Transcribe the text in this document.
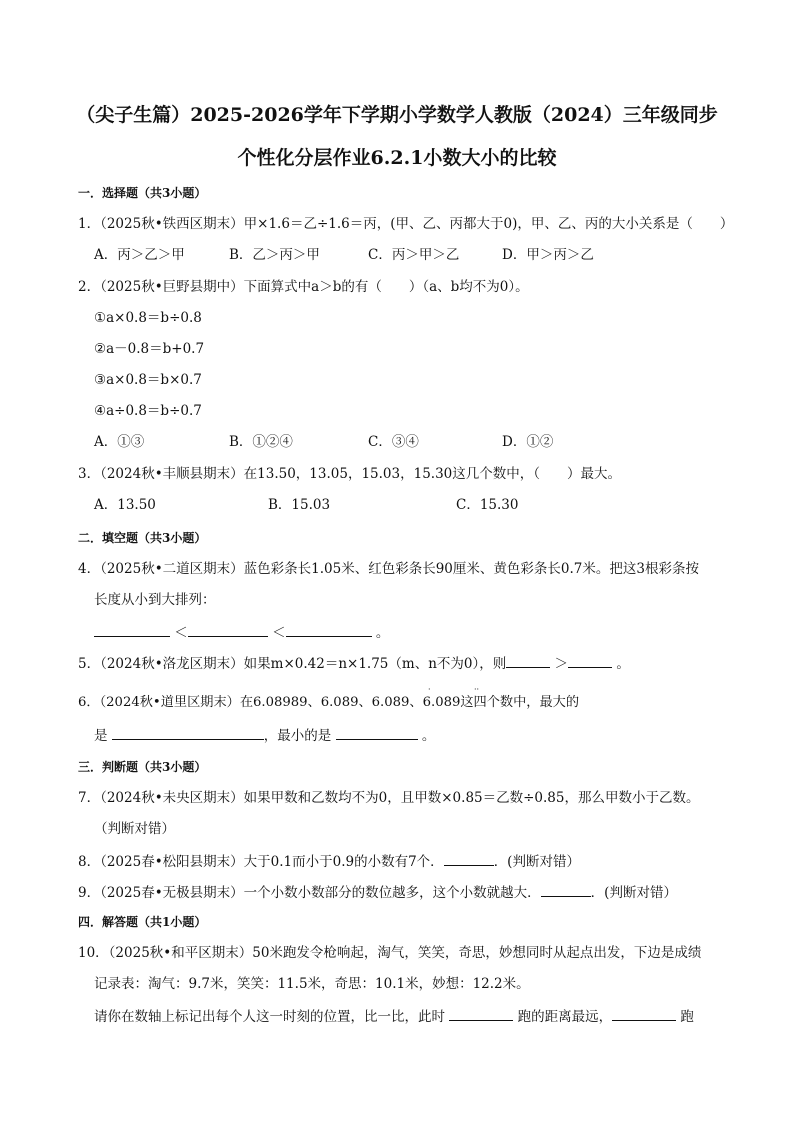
（尖子生篇）2025-2026学年下学期小学数学人教版（2024）三年级同步
个性化分层作业6.2.1小数大小的比较
一．选择题（共3小题）
1．（2025秋•铁西区期末）甲×1.6＝乙÷1.6＝丙，(甲、乙、丙都大于0)，甲、乙、丙的大小关系是（　　）
A．丙＞乙＞甲	B．乙＞丙＞甲	C．丙＞甲＞乙	D．甲＞丙＞乙
2．（2025秋•巨野县期中）下面算式中a＞b的有（　　）（a、b均不为0）。
①a×0.8＝b÷0.8
②a－0.8＝b+0.7
③a×0.8＝b×0.7
④a÷0.8＝b÷0.7
A．①③	B．①②④	C．③④	D．①②
3．（2024秋•丰顺县期末）在13.50，13.05，15.03，15.30这几个数中，（　　）最大。
A．13.50	B．15.03	C．15.30
二．填空题（共3小题）
4．（2025秋•二道区期末）蓝色彩条长1.05米、红色彩条长90厘米、黄色彩条长0.7米。把这3根彩条按
长度从小到大排列：
＜	＜	。
5．（2024秋•洛龙区期末）如果m×0.42＝n×1.75（m、n不为0），则	＞	。
·	··
6．（2024秋•道里区期末）在6.08989、6.089、6.089、6.089这四个数中，最大的
是	，最小的是	。
三．判断题（共3小题）
7．（2024秋•未央区期末）如果甲数和乙数均不为0，且甲数×0.85＝乙数÷0.85，那么甲数小于乙数。
（判断对错）
8．（2025春•松阳县期末）大于0.1而小于0.9的小数有7个．	．(判断对错）
9．（2025春•无极县期末）一个小数小数部分的数位越多，这个小数就越大．	．(判断对错）
四．解答题（共1小题）
10．（2025秋•和平区期末）50米跑发令枪响起，淘气，笑笑，奇思，妙想同时从起点出发，下边是成绩
记录表：淘气：9.7米，笑笑：11.5米，奇思：10.1米，妙想：12.2米。
请你在数轴上标记出每个人这一时刻的位置，比一比，此时	跑的距离最远，	跑
